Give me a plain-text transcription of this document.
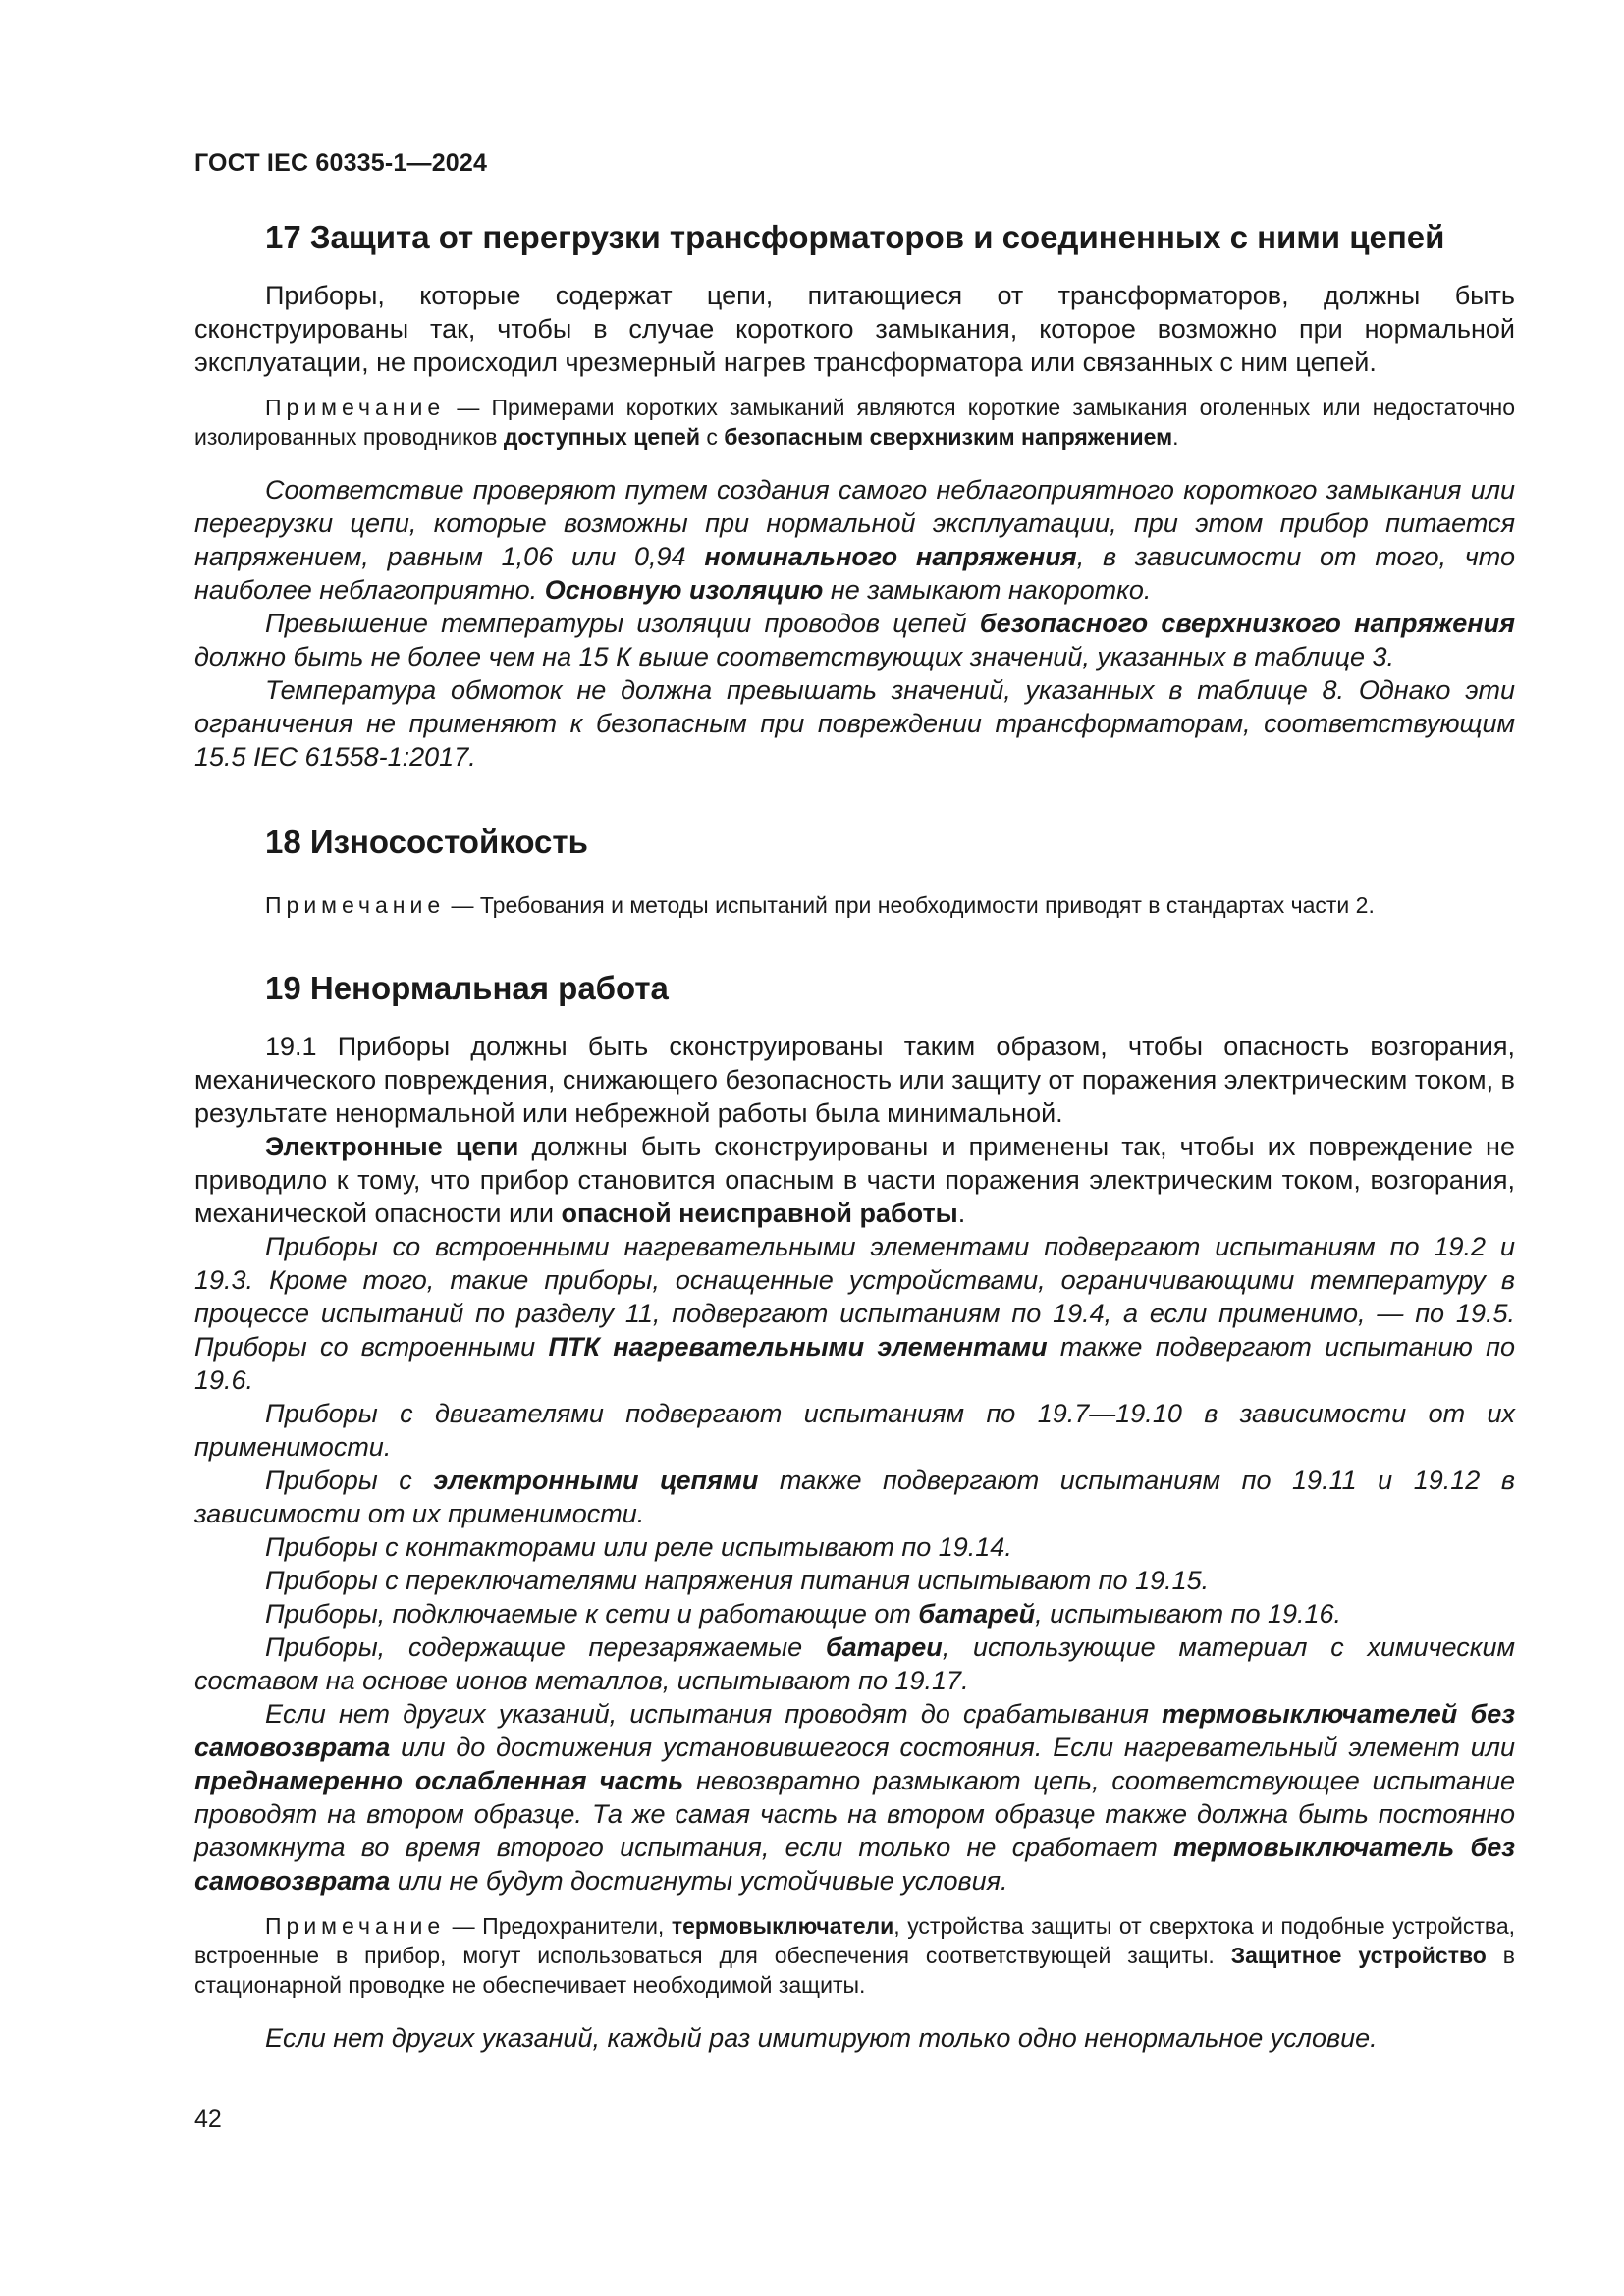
ГОСТ IEC 60335-1—2024
17 Защита от перегрузки трансформаторов и соединенных с ними цепей

Приборы, которые содержат цепи, питающиеся от трансформаторов, должны быть сконструированы так, чтобы в случае короткого замыкания, которое возможно при нормальной эксплуатации, не происходил чрезмерный нагрев трансформатора или связанных с ним цепей.

Примечание — Примерами коротких замыканий являются короткие замыкания оголенных или недостаточно изолированных проводников доступных цепей с безопасным сверхнизким напряжением.

Соответствие проверяют путем создания самого неблагоприятного короткого замыкания или перегрузки цепи, которые возможны при нормальной эксплуатации, при этом прибор питается напряжением, равным 1,06 или 0,94 номинального напряжения, в зависимости от того, что наиболее неблагоприятно. Основную изоляцию не замыкают накоротко.

Превышение температуры изоляции проводов цепей безопасного сверхнизкого напряжения должно быть не более чем на 15 К выше соответствующих значений, указанных в таблице 3.

Температура обмоток не должна превышать значений, указанных в таблице 8. Однако эти ограничения не применяют к безопасным при повреждении трансформаторам, соответствующим 15.5 IEC 61558-1:2017.

18 Износостойкость

Примечание — Требования и методы испытаний при необходимости приводят в стандартах части 2.

19 Ненормальная работа

19.1 Приборы должны быть сконструированы таким образом, чтобы опасность возгорания, механического повреждения, снижающего безопасность или защиту от поражения электрическим током, в результате ненормальной или небрежной работы была минимальной.

Электронные цепи должны быть сконструированы и применены так, чтобы их повреждение не приводило к тому, что прибор становится опасным в части поражения электрическим током, возгорания, механической опасности или опасной неисправной работы.

Приборы со встроенными нагревательными элементами подвергают испытаниям по 19.2 и 19.3. Кроме того, такие приборы, оснащенные устройствами, ограничивающими температуру в процессе испытаний по разделу 11, подвергают испытаниям по 19.4, а если применимо, — по 19.5. Приборы со встроенными ПТК нагревательными элементами также подвергают испытанию по 19.6.

Приборы с двигателями подвергают испытаниям по 19.7—19.10 в зависимости от их применимости.

Приборы с электронными цепями также подвергают испытаниям по 19.11 и 19.12 в зависимости от их применимости.

Приборы с контакторами или реле испытывают по 19.14.

Приборы с переключателями напряжения питания испытывают по 19.15.

Приборы, подключаемые к сети и работающие от батарей, испытывают по 19.16.

Приборы, содержащие перезаряжаемые батареи, использующие материал с химическим составом на основе ионов металлов, испытывают по 19.17.

Если нет других указаний, испытания проводят до срабатывания термовыключателей без самовозврата или до достижения установившегося состояния. Если нагревательный элемент или преднамеренно ослабленная часть невозвратно размыкают цепь, соответствующее испытание проводят на втором образце. Та же самая часть на втором образце также должна быть постоянно разомкнута во время второго испытания, если только не сработает термовыключатель без самовозврата или не будут достигнуты устойчивые условия.

Примечание — Предохранители, термовыключатели, устройства защиты от сверхтока и подобные устройства, встроенные в прибор, могут использоваться для обеспечения соответствующей защиты. Защитное устройство в стационарной проводке не обеспечивает необходимой защиты.

Если нет других указаний, каждый раз имитируют только одно ненормальное условие.

42
